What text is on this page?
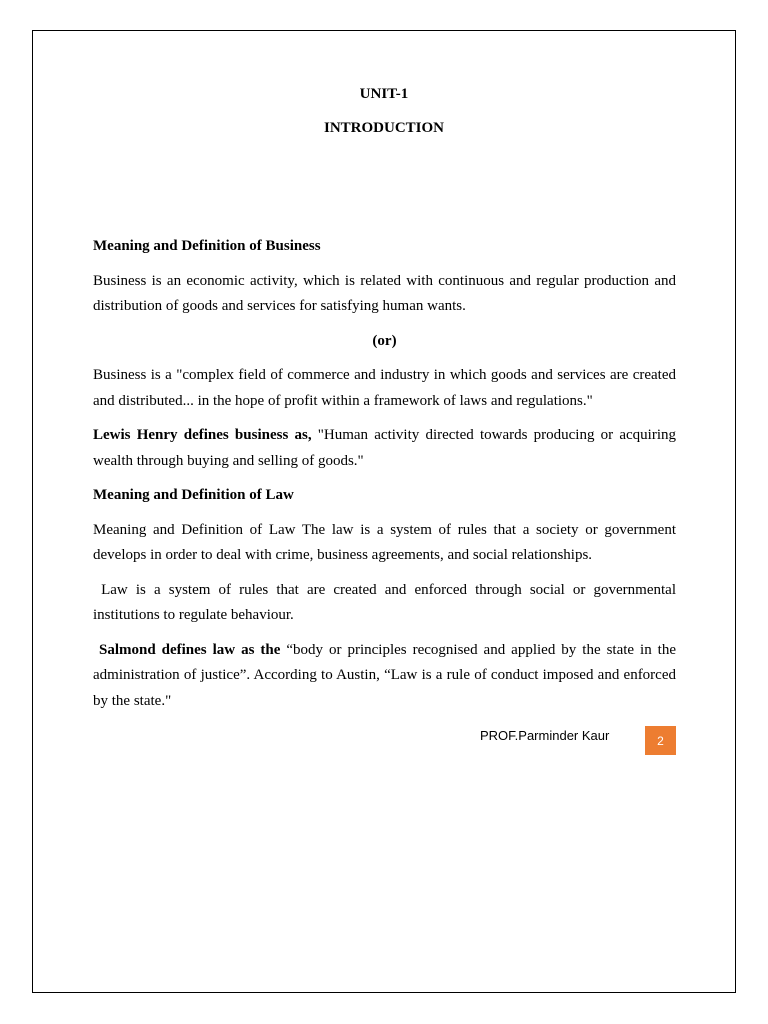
UNIT-1

INTRODUCTION

Meaning and Definition of Business

Business is an economic activity, which is related with continuous and regular production and distribution of goods and services for satisfying human wants.

(or)

Business is a "complex field of commerce and industry in which goods and services are created and distributed... in the hope of profit within a framework of laws and regulations."

Lewis Henry defines business as, "Human activity directed towards producing or acquiring wealth through buying and selling of goods."

Meaning and Definition of Law

Meaning and Definition of Law The law is a system of rules that a society or government develops in order to deal with crime, business agreements, and social relationships.

Law is a system of rules that are created and enforced through social or governmental institutions to regulate behaviour.

Salmond defines law as the “body or principles recognised and applied by the state in the administration of justice”. According to Austin, “Law is a rule of conduct imposed and enforced by the state."

PROF.Parminder Kaur	2
